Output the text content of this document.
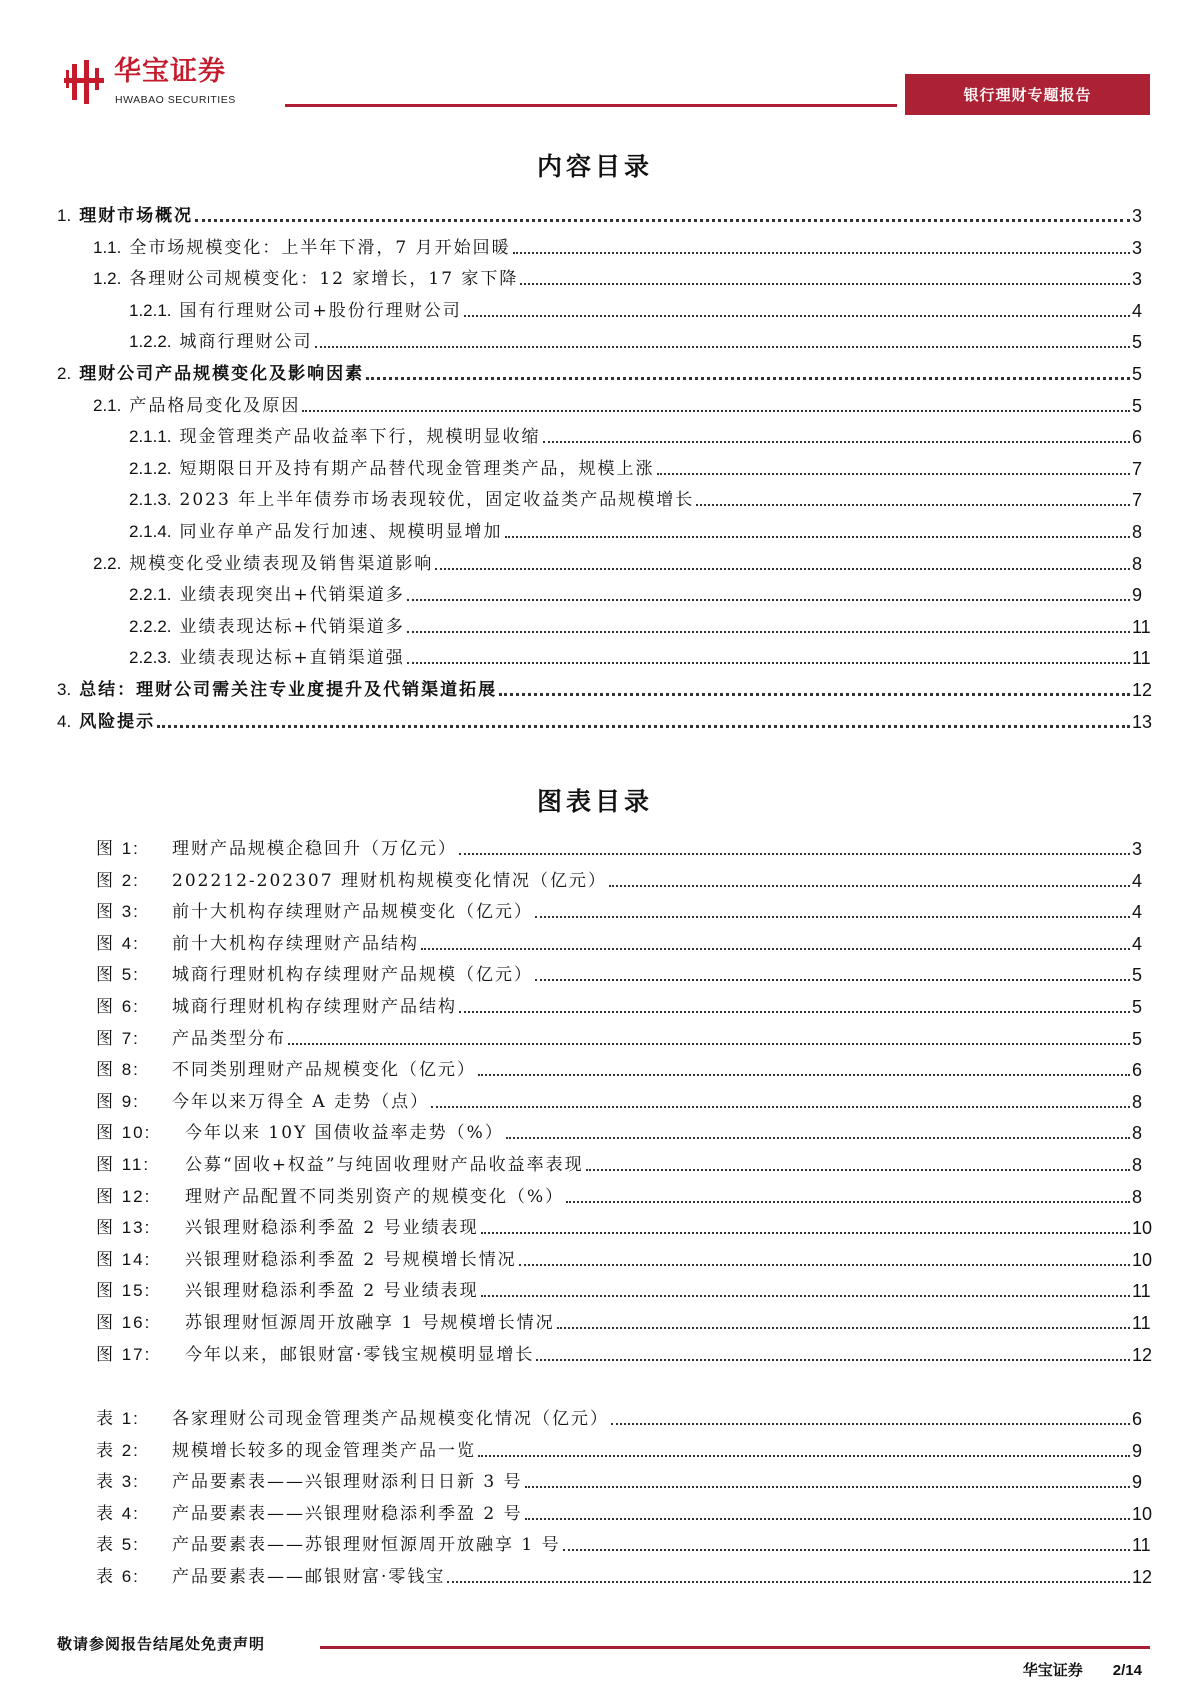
华宝证券
HWABAO SECURITIES	银行理财专题报告
内容目录
1. 理财市场概况	3
1.1. 全市场规模变化：上半年下滑，7 月开始回暖	3
1.2. 各理财公司规模变化：12 家增长，17 家下降	3
1.2.1. 国有行理财公司+股份行理财公司	4
1.2.2. 城商行理财公司	5
2. 理财公司产品规模变化及影响因素	5
2.1. 产品格局变化及原因	5
2.1.1. 现金管理类产品收益率下行，规模明显收缩	6
2.1.2. 短期限日开及持有期产品替代现金管理类产品，规模上涨	7
2.1.3. 2023 年上半年债券市场表现较优，固定收益类产品规模增长	7
2.1.4. 同业存单产品发行加速、规模明显增加	8
2.2. 规模变化受业绩表现及销售渠道影响	8
2.2.1. 业绩表现突出+代销渠道多	9
2.2.2. 业绩表现达标+代销渠道多	11
2.2.3. 业绩表现达标+直销渠道强	11
3. 总结：理财公司需关注专业度提升及代销渠道拓展	12
4. 风险提示	13
图表目录
图 1:	理财产品规模企稳回升（万亿元）	3
图 2:	202212-202307 理财机构规模变化情况（亿元）	4
图 3:	前十大机构存续理财产品规模变化（亿元）	4
图 4:	前十大机构存续理财产品结构	4
图 5:	城商行理财机构存续理财产品规模（亿元）	5
图 6:	城商行理财机构存续理财产品结构	5
图 7:	产品类型分布	5
图 8:	不同类别理财产品规模变化（亿元）	6
图 9:	今年以来万得全 A 走势（点）	8
图 10:	今年以来 10Y 国债收益率走势（%）	8
图 11:	公募“固收+权益”与纯固收理财产品收益率表现	8
图 12:	理财产品配置不同类别资产的规模变化（%）	8
图 13:	兴银理财稳添利季盈 2 号业绩表现	10
图 14:	兴银理财稳添利季盈 2 号规模增长情况	10
图 15:	兴银理财稳添利季盈 2 号业绩表现	11
图 16:	苏银理财恒源周开放融享 1 号规模增长情况	11
图 17:	今年以来，邮银财富·零钱宝规模明显增长	12
表 1:	各家理财公司现金管理类产品规模变化情况（亿元）	6
表 2:	规模增长较多的现金管理类产品一览	9
表 3:	产品要素表——兴银理财添利日日新 3 号	9
表 4:	产品要素表——兴银理财稳添利季盈 2 号	10
表 5:	产品要素表——苏银理财恒源周开放融享 1 号	11
表 6:	产品要素表——邮银财富·零钱宝	12
敬请参阅报告结尾处免责声明
华宝证券 2/14
